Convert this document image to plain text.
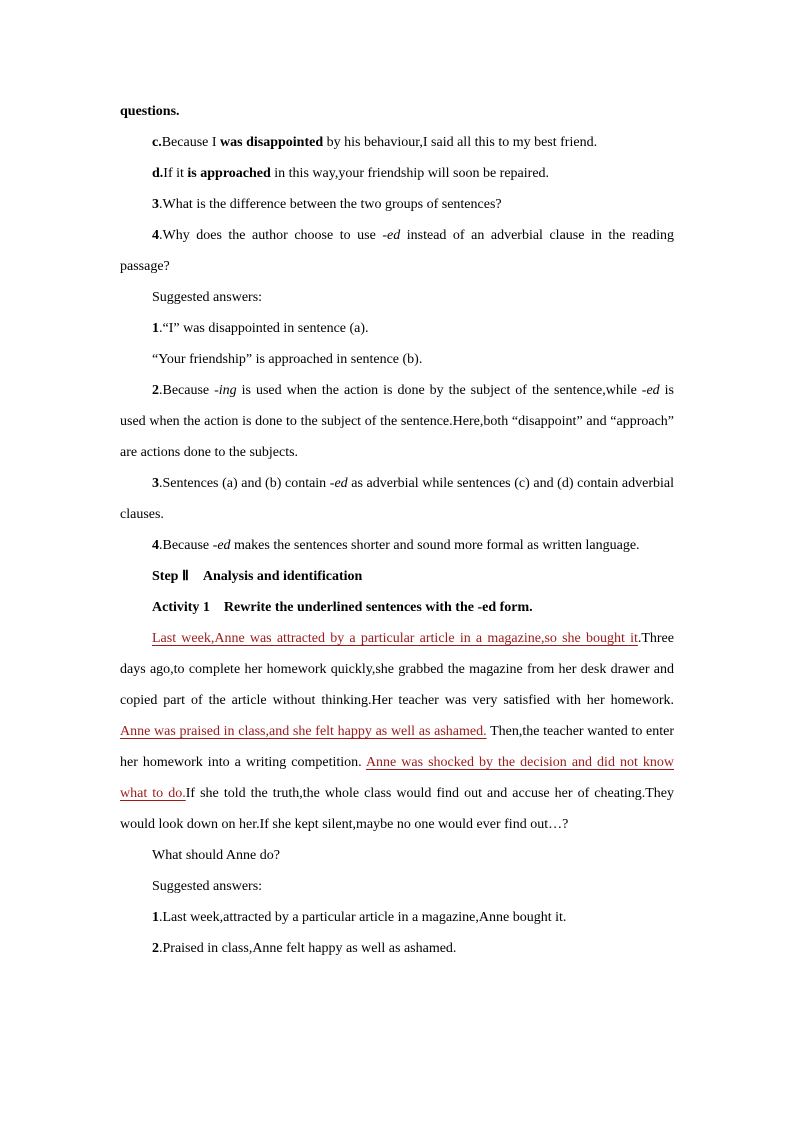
questions.

c.Because I was disappointed by his behaviour,I said all this to my best friend.

d.If it is approached in this way,your friendship will soon be repaired.

3.What is the difference between the two groups of sentences?

4.Why does the author choose to use -ed instead of an adverbial clause in the reading passage?

Suggested answers:

1.“I” was disappointed in sentence (a).

“Your friendship” is approached in sentence (b).

2.Because -ing is used when the action is done by the subject of the sentence,while -ed is used when the action is done to the subject of the sentence.Here,both “disappoint” and “approach” are actions done to the subjects.

3.Sentences (a) and (b) contain -ed as adverbial while sentences (c) and (d) contain adverbial clauses.

4.Because -ed makes the sentences shorter and sound more formal as written language.

Step Ⅱ　Analysis and identification

Activity 1　Rewrite the underlined sentences with the -ed form.

Last week,Anne was attracted by a particular article in a magazine,so she bought it.Three days ago,to complete her homework quickly,she grabbed the magazine from her desk drawer and copied part of the article without thinking.Her teacher was very satisfied with her homework. Anne was praised in class,and she felt happy as well as ashamed. Then,the teacher wanted to enter her homework into a writing competition. Anne was shocked by the decision and did not know what to do.If she told the truth,the whole class would find out and accuse her of cheating.They would look down on her.If she kept silent,maybe no one would ever find out…?

What should Anne do?

Suggested answers:

1.Last week,attracted by a particular article in a magazine,Anne bought it.

2.Praised in class,Anne felt happy as well as ashamed.
